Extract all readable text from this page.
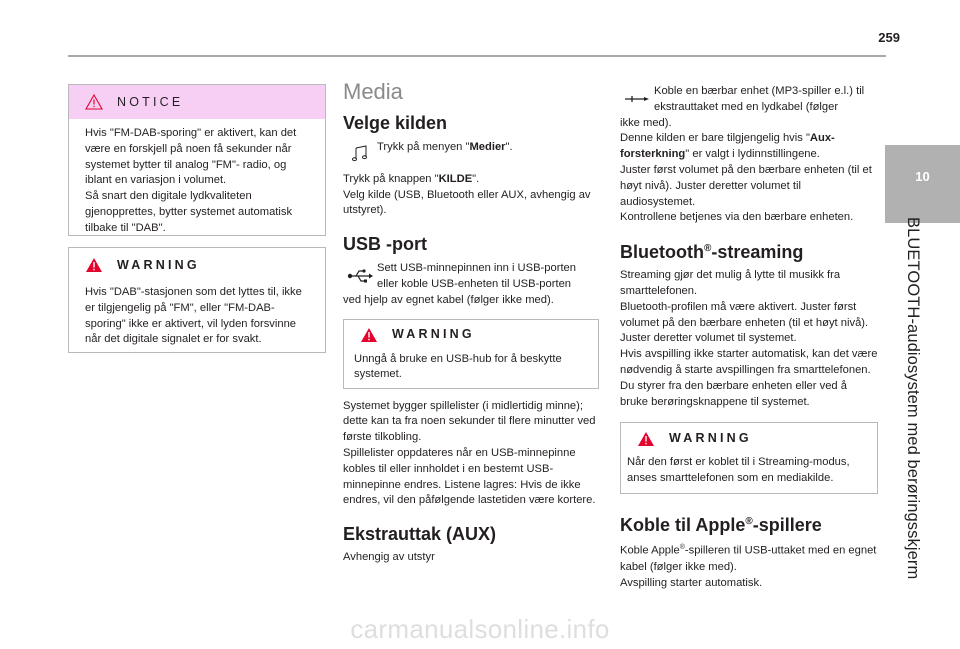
259
10
BLUETOOTH-audiosystem med berøringsskjerm
NOTICE
Hvis "FM-DAB-sporing" er aktivert, kan det være en forskjell på noen få sekunder når systemet bytter til analog "FM"- radio, og iblant en variasjon i volumet.
Så snart den digitale lydkvaliteten gjenopprettes, bytter systemet automatisk tilbake til "DAB".
WARNING
Hvis "DAB"-stasjonen som det lyttes til, ikke er tilgjengelig på "FM", eller "FM-DAB-sporing" ikke er aktivert, vil lyden forsvinne når det digitale signalet er for svakt.
Media
Velge kilden
Trykk på menyen "Medier".
Trykk på knappen "KILDE".
Velg kilde (USB, Bluetooth eller AUX, avhengig av utstyret).
USB -port
Sett USB-minnepinnen inn i USB-porten eller koble USB-enheten til USB-porten
ved hjelp av egnet kabel (følger ikke med).
WARNING
Unngå å bruke en USB-hub for å beskytte systemet.
Systemet bygger spillelister (i midlertidig minne); dette kan ta fra noen sekunder til flere minutter ved første tilkobling.
Spillelister oppdateres når en USB-minnepinne kobles til eller innholdet i en bestemt USB-minnepinne endres. Listene lagres: Hvis de ikke endres, vil den påfølgende lastetiden være kortere.
Ekstrauttak (AUX)
Avhengig av utstyr
Koble en bærbar enhet (MP3-spiller e.l.) til ekstrauttaket med en lydkabel (følger
ikke med).
Denne kilden er bare tilgjengelig hvis "Aux-forsterkning" er valgt i lydinnstillingene.
Juster først volumet på den bærbare enheten (til et høyt nivå). Juster deretter volumet til audiosystemet.
Kontrollene betjenes via den bærbare enheten.
Bluetooth®-streaming
Streaming gjør det mulig å lytte til musikk fra smarttelefonen.
Bluetooth-profilen må være aktivert. Juster først volumet på den bærbare enheten (til et høyt nivå).
Juster deretter volumet til systemet.
Hvis avspilling ikke starter automatisk, kan det være nødvendig å starte avspillingen fra smarttelefonen.
Du styrer fra den bærbare enheten eller ved å bruke berøringsknappene til systemet.
WARNING
Når den først er koblet til i Streaming-modus, anses smarttelefonen som en mediakilde.
Koble til Apple®-spillere
Koble Apple®-spilleren til USB-uttaket med en egnet kabel (følger ikke med).
Avspilling starter automatisk.
carmanualsonline.info
